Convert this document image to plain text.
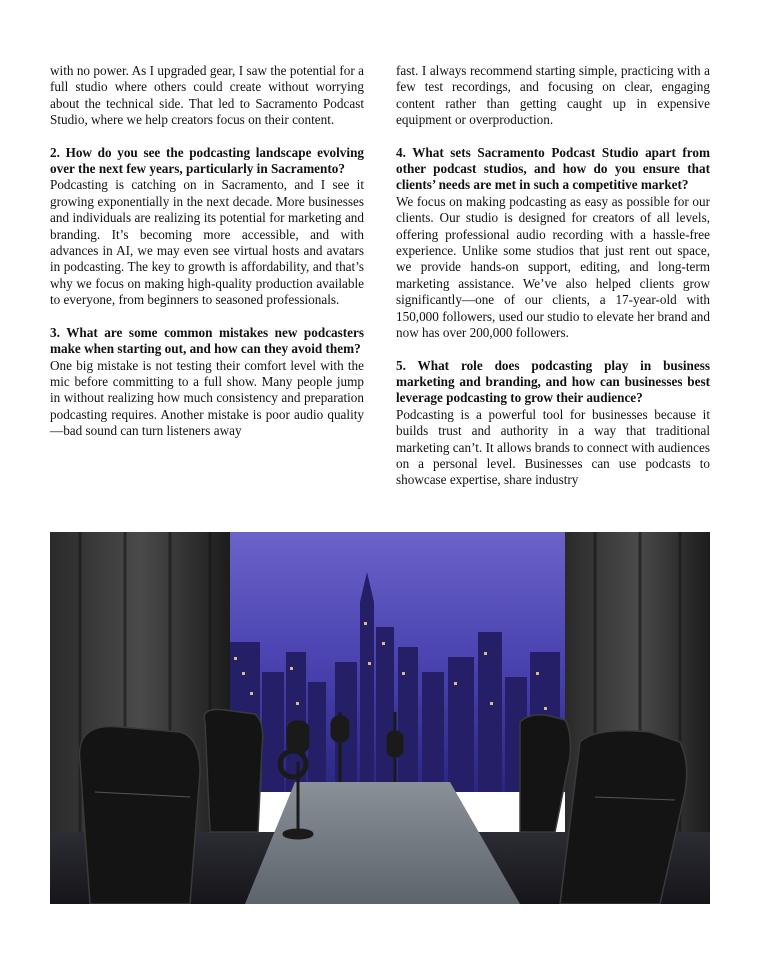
with no power. As I upgraded gear, I saw the potential for a full studio where others could create without worrying about the technical side. That led to Sacramento Podcast Studio, where we help creators focus on their content.

2. How do you see the podcasting landscape evolving over the next few years, particularly in Sacramento?

Podcasting is catching on in Sacramento, and I see it growing exponentially in the next decade. More businesses and individuals are realizing its potential for marketing and branding. It’s becoming more accessible, and with advances in AI, we may even see virtual hosts and avatars in podcasting. The key to growth is affordability, and that’s why we focus on making high-quality production available to everyone, from beginners to seasoned professionals.

3. What are some common mistakes new podcasters make when starting out, and how can they avoid them?

One big mistake is not testing their comfort level with the mic before committing to a full show. Many people jump in without realizing how much consistency and preparation podcasting requires. Another mistake is poor audio quality—bad sound can turn listeners away

fast. I always recommend starting simple, practicing with a few test recordings, and focusing on clear, engaging content rather than getting caught up in expensive equipment or overproduction.

4. What sets Sacramento Podcast Studio apart from other podcast studios, and how do you ensure that clients’ needs are met in such a competitive market?

We focus on making podcasting as easy as possible for our clients. Our studio is designed for creators of all levels, offering professional audio recording with a hassle-free experience. Unlike some studios that just rent out space, we provide hands-on support, editing, and long-term marketing assistance. We’ve also helped clients grow significantly—one of our clients, a 17-year-old with 150,000 followers, used our studio to elevate her brand and now has over 200,000 followers.

5. What role does podcasting play in business marketing and branding, and how can businesses best leverage podcasting to grow their audience?

Podcasting is a powerful tool for businesses because it builds trust and authority in a way that traditional marketing can’t. It allows brands to connect with audiences on a personal level. Businesses can use podcasts to showcase expertise, share industry
